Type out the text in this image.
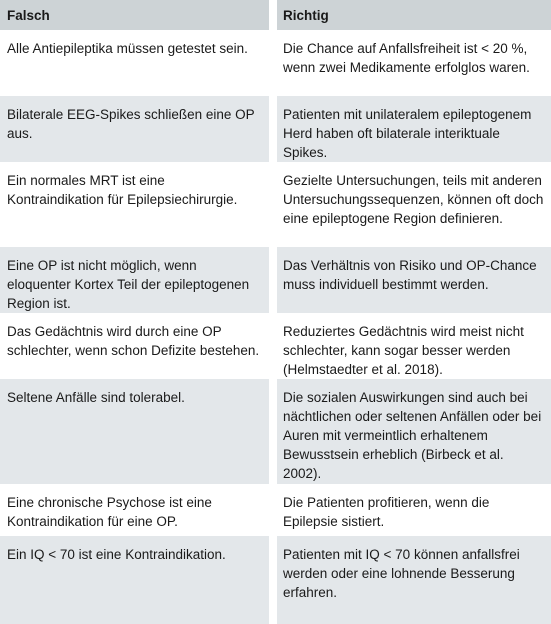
Falsch	Richtig
Alle Antiepileptika müssen getestet sein.	Die Chance auf Anfallsfreiheit ist < 20 %, wenn zwei Medikamente erfolglos waren.
Bilaterale EEG-Spikes schließen eine OP aus.	Patienten mit unilateralem epileptogenem Herd haben oft bilaterale interiktuale Spikes.
Ein normales MRT ist eine Kontraindikation für Epilepsiechirurgie.	Gezielte Untersuchungen, teils mit anderen Untersuchungssequenzen, können oft doch eine epileptogene Region definieren.
Eine OP ist nicht möglich, wenn eloquenter Kortex Teil der epileptogenen Region ist.	Das Verhältnis von Risiko und OP-Chance muss individuell bestimmt werden.
Das Gedächtnis wird durch eine OP schlechter, wenn schon Defizite bestehen.	Reduziertes Gedächtnis wird meist nicht schlechter, kann sogar besser werden (Helmstaedter et al. 2018).
Seltene Anfälle sind tolerabel.	Die sozialen Auswirkungen sind auch bei nächtlichen oder seltenen Anfällen oder bei Auren mit vermeintlich erhaltenem Bewusstsein erheblich (Birbeck et al. 2002).
Eine chronische Psychose ist eine Kontraindikation für eine OP.	Die Patienten profitieren, wenn die Epilepsie sistiert.
Ein IQ < 70 ist eine Kontraindikation.	Patienten mit IQ < 70 können anfallsfrei werden oder eine lohnende Besserung erfahren.
